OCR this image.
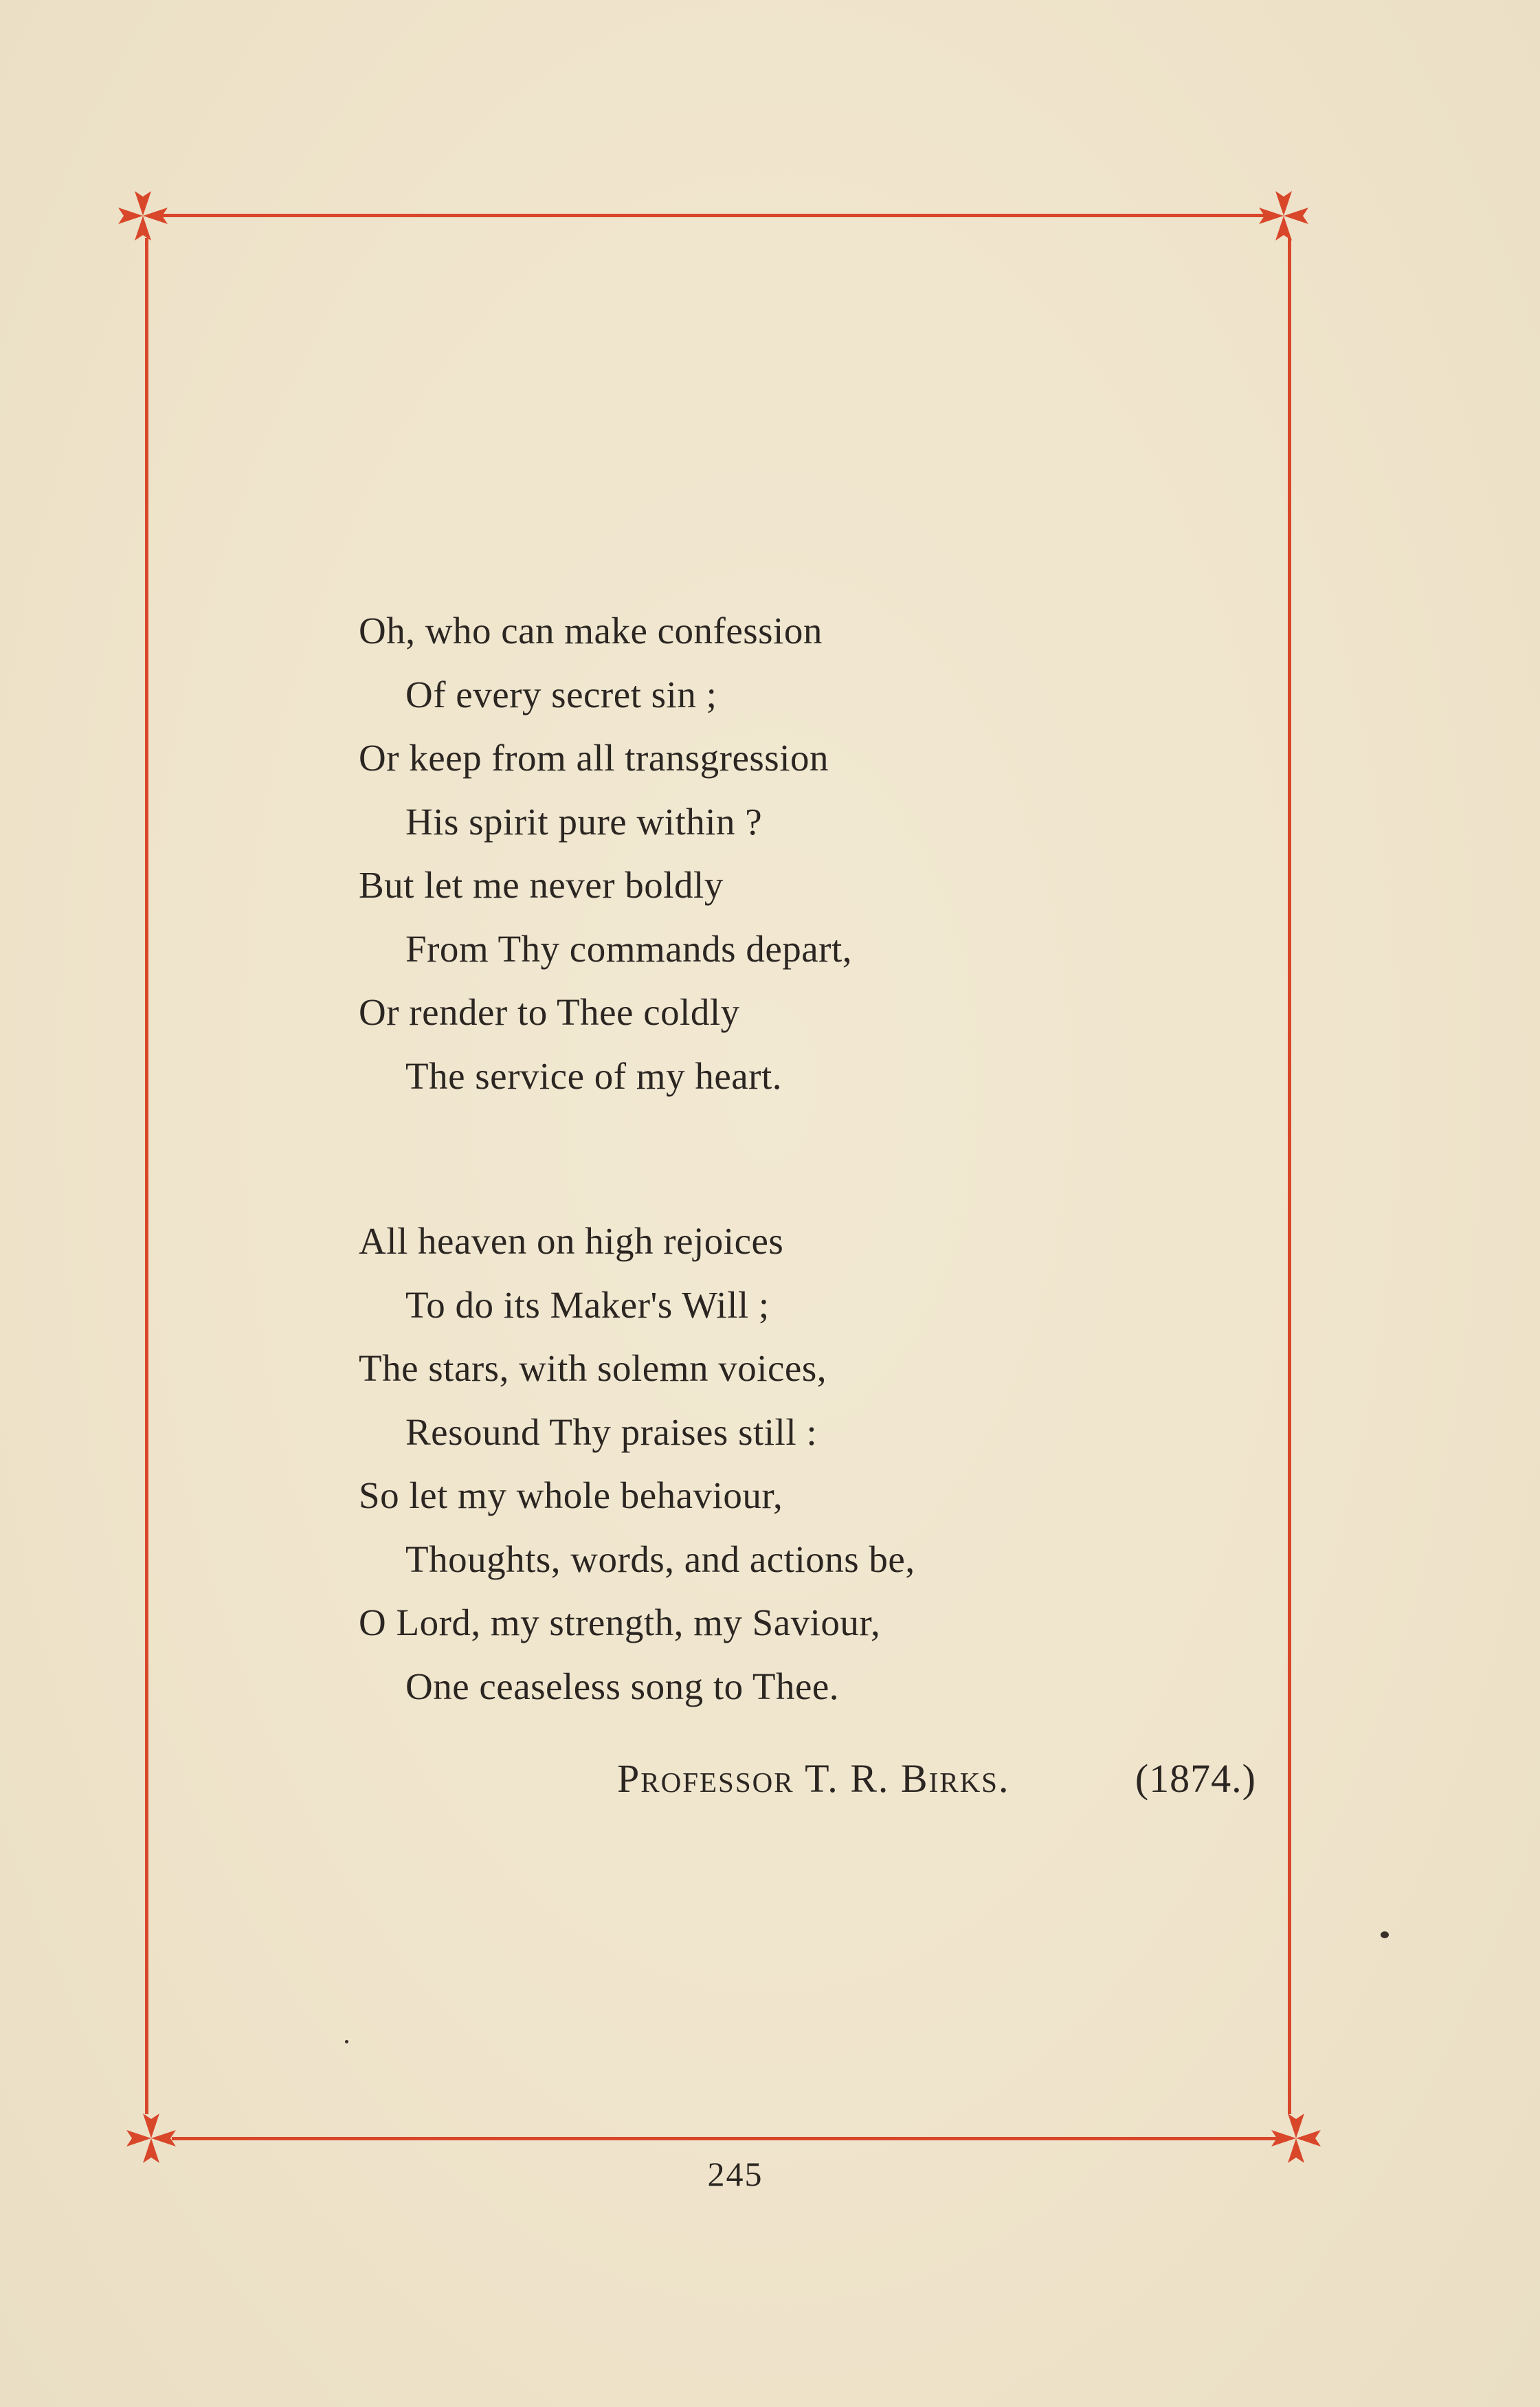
Oh, who can make confession
Of every secret sin ;
Or keep from all transgression
His spirit pure within ?
But let me never boldly
From Thy commands depart,
Or render to Thee coldly
The service of my heart.
All heaven on high rejoices
To do its Maker's Will ;
The stars, with solemn voices,
Resound Thy praises still :
So let my whole behaviour,
Thoughts, words, and actions be,
O Lord, my strength, my Saviour,
One ceaseless song to Thee.
Professor T. R. Birks.	(1874.)
245
